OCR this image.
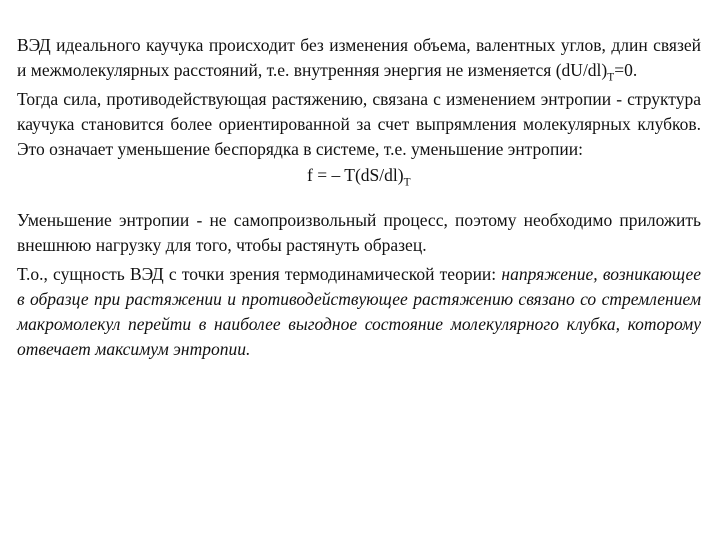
ВЭД идеального каучука происходит без изменения объема, валентных углов, длин связей и межмолекулярных расстояний, т.е. внутренняя энергия не изменяется $(dU/dl)_T=0$.

Тогда сила, противодействующая растяжению, связана с изменением энтропии - структура каучука становится более ориентированной за счет выпрямления молекулярных клубков. Это означает уменьшение беспорядка в системе, т.е. уменьшение энтропии:

f = – $T(dS/dl)_T$

Уменьшение энтропии - не самопроизвольный процесс, поэтому необходимо приложить внешнюю нагрузку для того, чтобы растянуть образец.

Т.о., сущность ВЭД с точки зрения термодинамической теории: напряжение, возникающее в образце при растяжении и противодействующее растяжению связано со стремлением макромолекул перейти в наиболее выгодное состояние молекулярного клубка, которому отвечает максимум энтропии.
